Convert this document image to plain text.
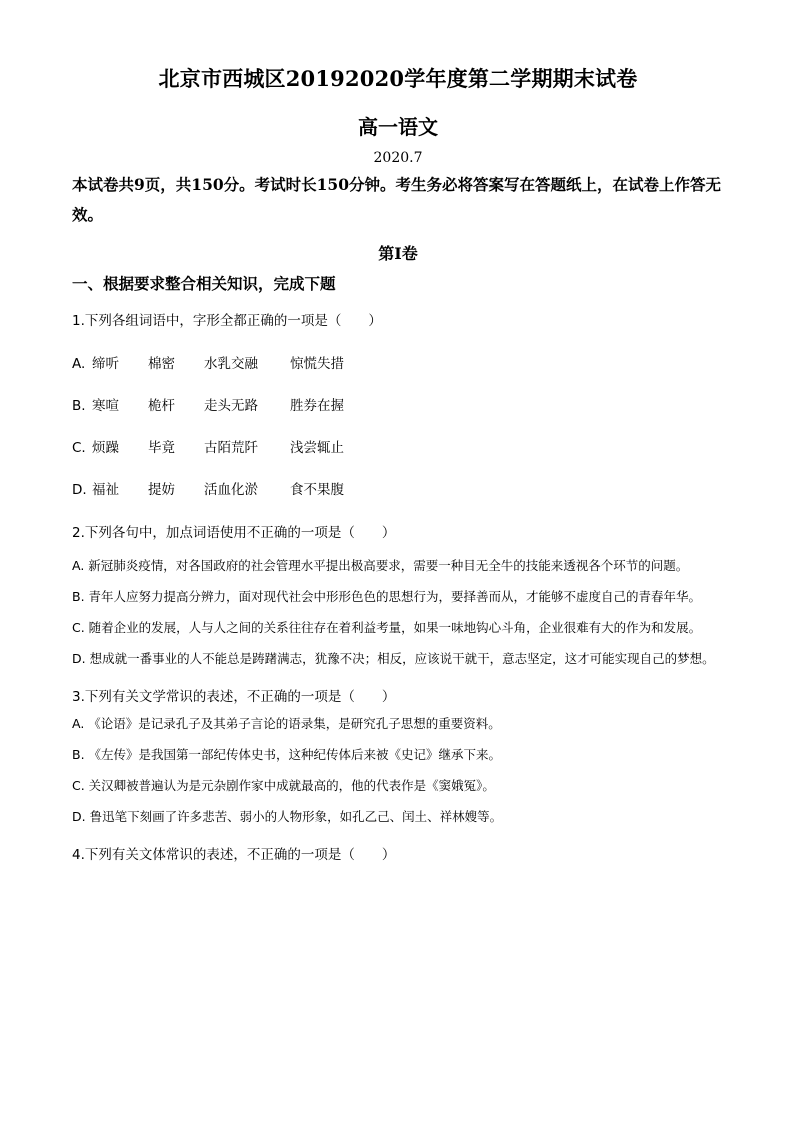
北京市西城区20192020学年度第二学期期末试卷
高一语文

2020.7

本试卷共9页，共150分。考试时长150分钟。考生务必将答案写在答题纸上，在试卷上作答无效。

第Ⅰ卷

一、根据要求整合相关知识，完成下题

1.下列各组词语中，字形全都正确的一项是（　　）

A. 缔听	棉密	水乳交融	惊慌失措
B. 寒喧	桅杆	走头无路	胜券在握
C. 烦躁	毕竟	古陌荒阡	浅尝辄止
D. 福祉	提妨	活血化淤	食不果腹

2.下列各句中，加点词语使用不正确的一项是（　　）

A. 新冠肺炎疫情，对各国政府的社会管理水平提出极高要求，需要一种目无全牛的技能来透视各个环节的问题。

B. 青年人应努力提高分辨力，面对现代社会中形形色色的思想行为，要择善而从，才能够不虚度自己的青春年华。

C. 随着企业的发展，人与人之间的关系往往存在着利益考量，如果一味地钩心斗角，企业很难有大的作为和发展。

D. 想成就一番事业的人不能总是踌躇满志，犹豫不决；相反，应该说干就干，意志坚定，这才可能实现自己的梦想。

3.下列有关文学常识的表述，不正确的一项是（　　）

A. 《论语》是记录孔子及其弟子言论的语录集，是研究孔子思想的重要资料。

B. 《左传》是我国第一部纪传体史书，这种纪传体后来被《史记》继承下来。

C. 关汉卿被普遍认为是元杂剧作家中成就最高的，他的代表作是《窦娥冤》。

D. 鲁迅笔下刻画了许多悲苦、弱小的人物形象，如孔乙己、闰土、祥林嫂等。

4.下列有关文体常识的表述，不正确的一项是（　　）
